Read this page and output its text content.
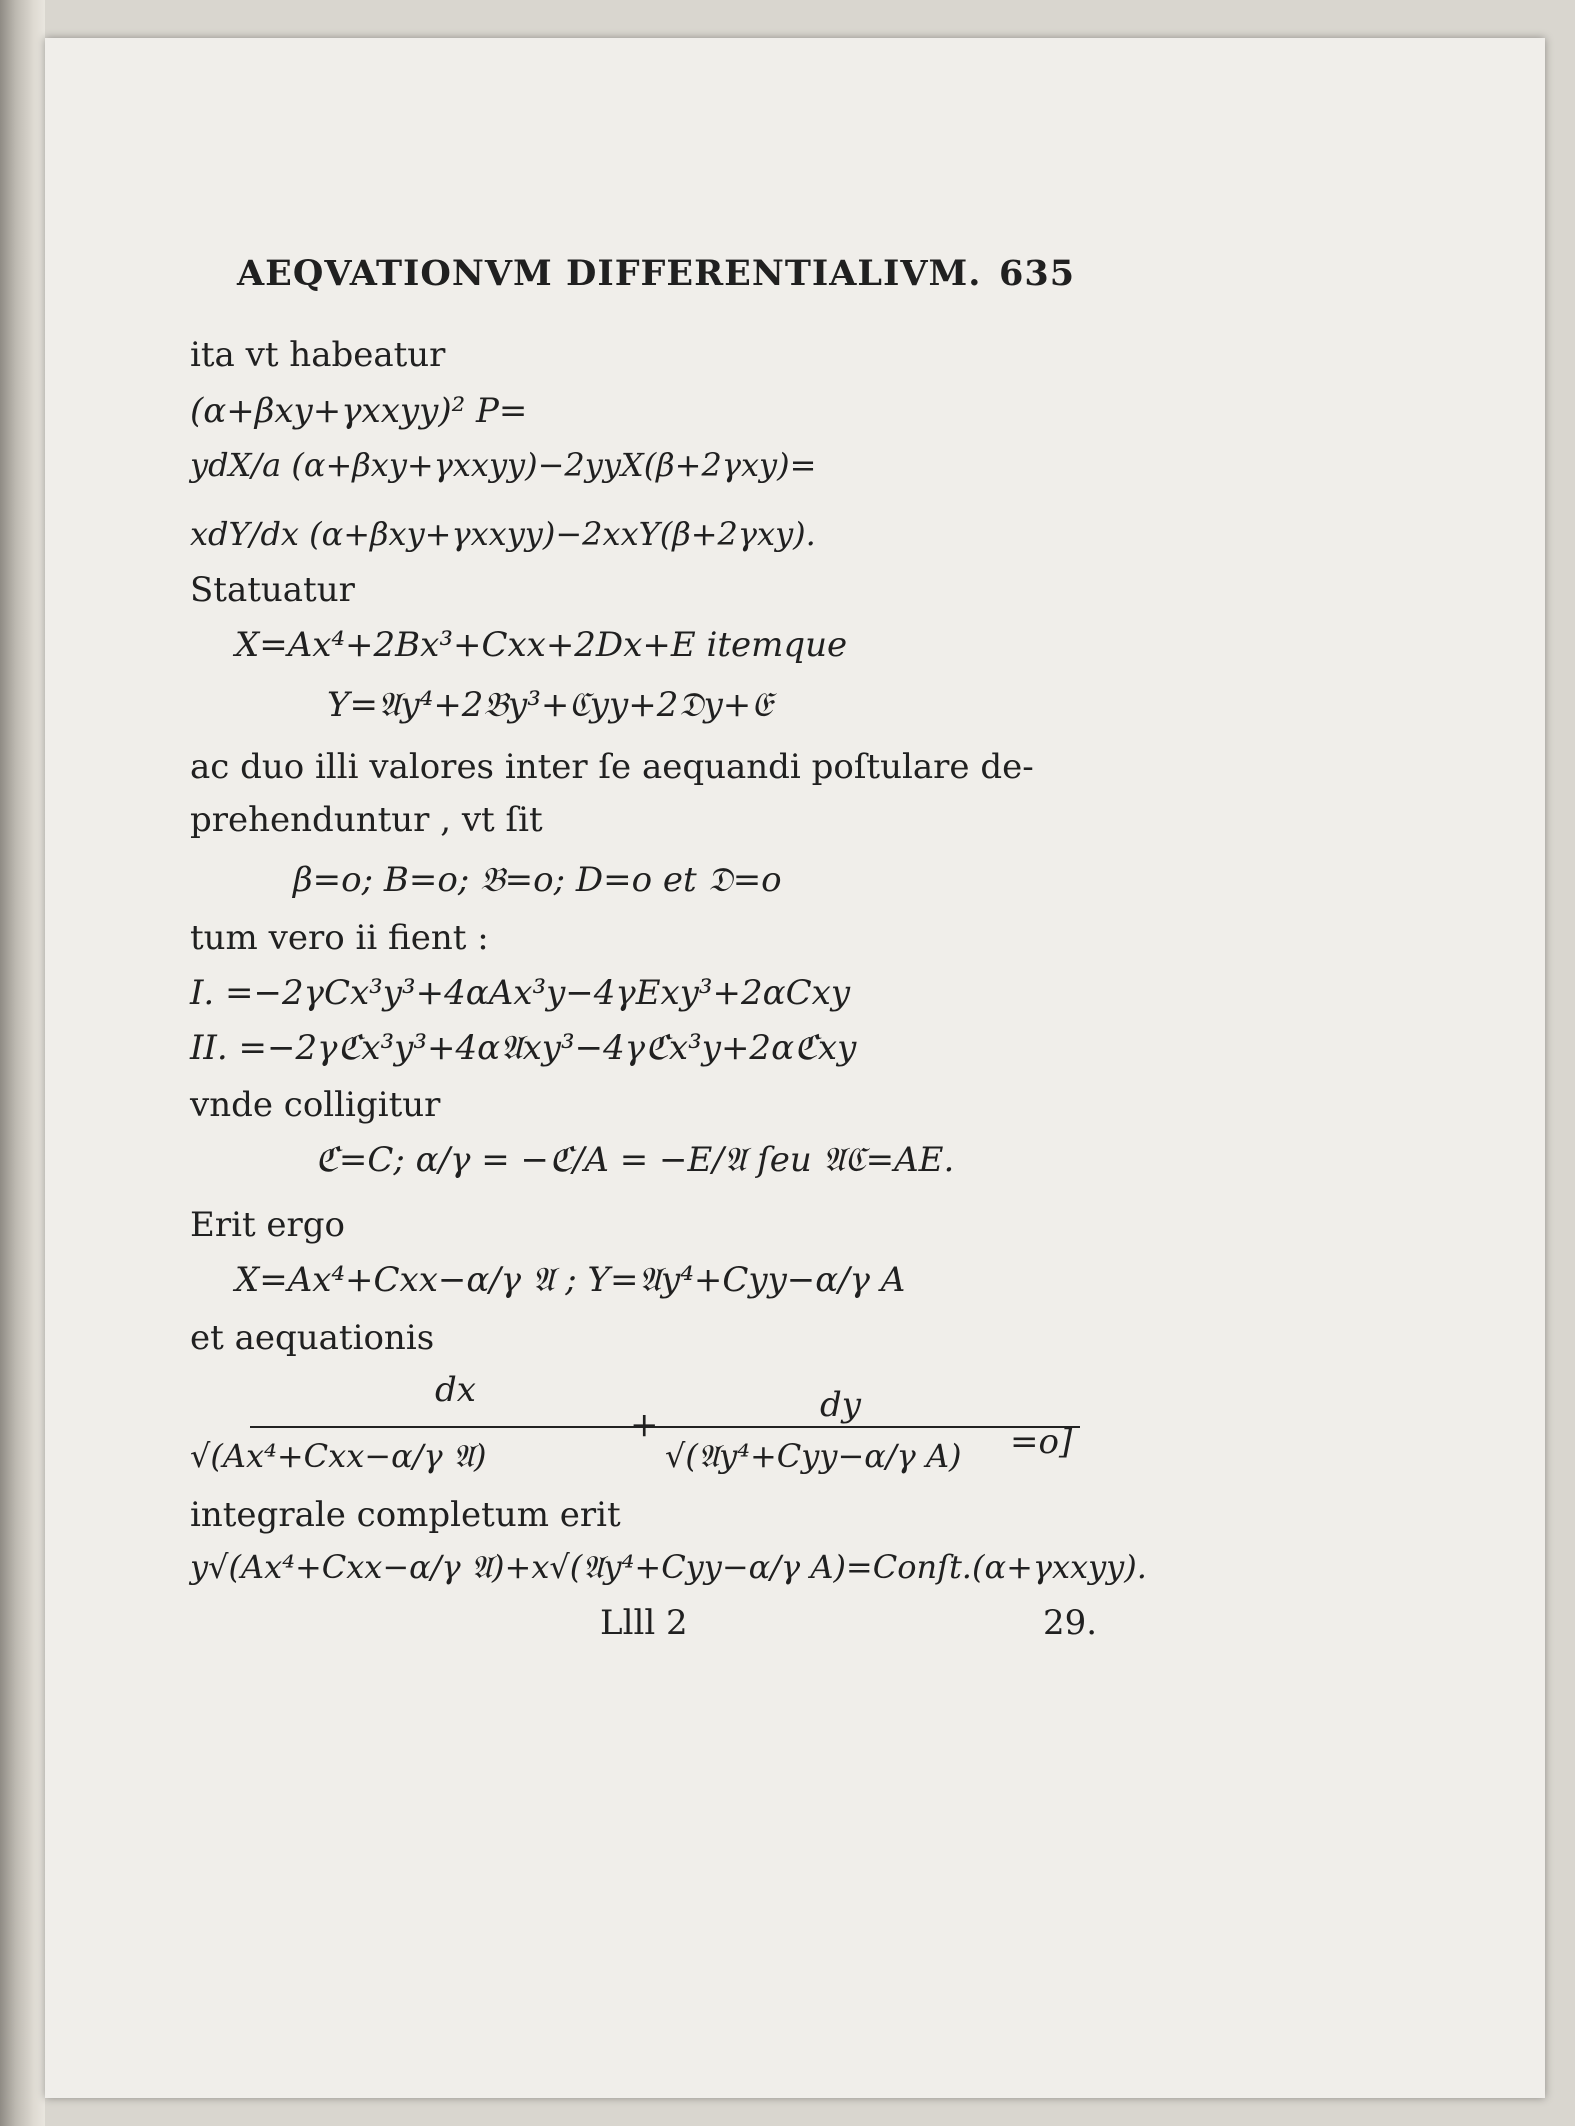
AEQVATIONVM DIFFERENTIALIVM. 635
ita vt habeatur
(α+βxy+γxxyy)² P=
ydX/a (α+βxy+γxxyy)−2yyX(β+2γxy)=
xdY/dx (α+βxy+γxxyy)−2xxY(β+2γxy).
Statuatur
X=Ax⁴+2Bx³+Cxx+2Dx+E itemque
Y=𝔄y⁴+2𝔅y³+ℭyy+2𝔇y+𝔈
ac duo illi valores inter ſe aequandi poſtulare de-
prehenduntur , vt ſit
β=o; B=o; 𝔅=o; D=o et 𝔇=o
tum vero ii fient :
I. =−2γCx³y³+4αAx³y−4γExy³+2αCxy
II. =−2γℭx³y³+4α𝔄xy³−4γℭx³y+2αℭxy
vnde colligitur
ℭ=C; α/γ = −ℭ/A = −E/𝔄 ſeu 𝔄ℭ=AE.
Erit ergo
X=Ax⁴+Cxx−α/γ 𝔄 ; Y=𝔄y⁴+Cyy−α/γ A
et aequationis
dx	dy
√(Ax⁴+Cxx−α/γ 𝔄)
+
√(𝔄y⁴+Cyy−α/γ A) =o]
integrale completum erit
y√(Ax⁴+Cxx−α/γ 𝔄)+x√(𝔄y⁴+Cyy−α/γ A)=Conſt.(α+γxxyy).
Llll 2	29.
